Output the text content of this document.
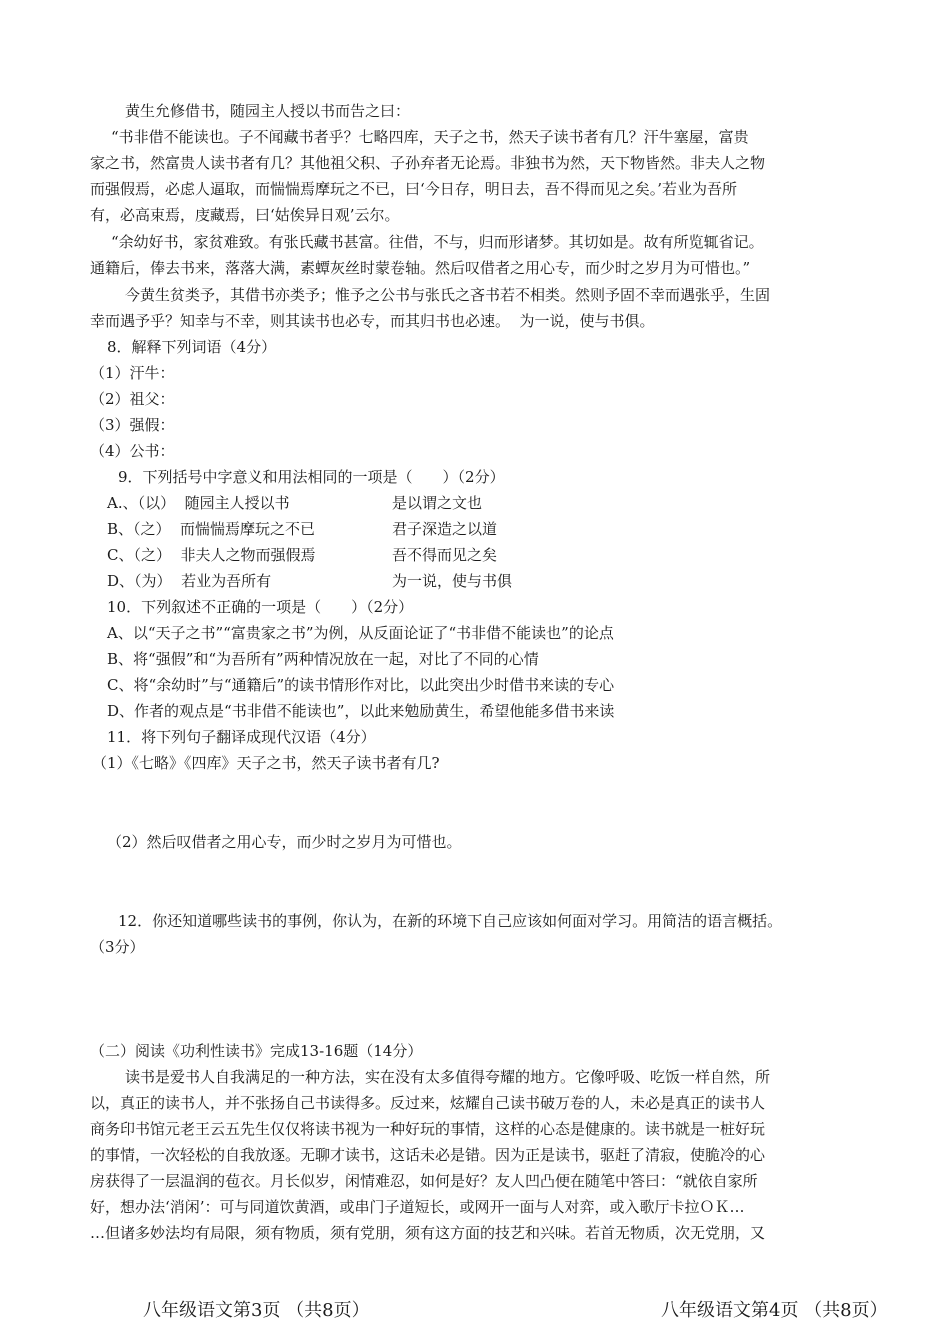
黄生允修借书，随园主人授以书而告之曰：
“书非借不能读也。子不闻藏书者乎？七略四库，天子之书，然天子读书者有几？汗牛塞屋，富贵
家之书，然富贵人读书者有几？其他祖父积、子孙弃者无论焉。非独书为然，天下物皆然。非夫人之物
而强假焉，必虑人逼取，而惴惴焉摩玩之不已，曰‘今日存，明日去，吾不得而见之矣。’若业为吾所
有，必高束焉，庋藏焉，曰‘姑俟异日观’云尔。
“余幼好书，家贫难致。有张氏藏书甚富。往借，不与，归而形诸梦。其切如是。故有所览辄省记。
通籍后，俸去书来，落落大满，素蟫灰丝时蒙卷轴。然后叹借者之用心专，而少时之岁月为可惜也。”
今黄生贫类予，其借书亦类予；惟予之公书与张氏之吝书若不相类。然则予固不幸而遇张乎，生固
幸而遇予乎？知幸与不幸，则其读书也必专，而其归书也必速。  为一说，使与书俱。
8．解释下列词语（4分）
（1）汗牛：
（2）祖父：
（3）强假：
（4）公书：
9．下列括号中字意义和用法相同的一项是（　　）（2分）
A.、（以）  随园主人授以书	是以谓之文也
B、（之）  而惴惴焉摩玩之不已	君子深造之以道
C、（之）  非夫人之物而强假焉	吾不得而见之矣
D、（为）  若业为吾所有	为一说，使与书俱
10．下列叙述不正确的一项是（　　）（2分）
A、以“天子之书”“富贵家之书”为例，从反面论证了“书非借不能读也”的论点
B、将“强假”和“为吾所有”两种情况放在一起，对比了不同的心情
C、将“余幼时”与“通籍后”的读书情形作对比，以此突出少时借书来读的专心
D、作者的观点是“书非借不能读也”，以此来勉励黄生，希望他能多借书来读
11．将下列句子翻译成现代汉语（4分）
（1）《七略》《四库》天子之书，然天子读书者有几?
（2）然后叹借者之用心专，而少时之岁月为可惜也。
12．你还知道哪些读书的事例，你认为，在新的环境下自己应该如何面对学习。用简洁的语言概括。
（3分）
（二）阅读《功利性读书》完成13-16题（14分）
读书是爱书人自我满足的一种方法，实在没有太多值得夸耀的地方。它像呼吸、吃饭一样自然，所
以，真正的读书人，并不张扬自己书读得多。反过来，炫耀自己读书破万卷的人，未必是真正的读书人
商务印书馆元老王云五先生仅仅将读书视为一种好玩的事情，这样的心态是健康的。读书就是一桩好玩
的事情，一次轻松的自我放逐。无聊才读书，这话未必是错。因为正是读书，驱赶了清寂，使脆冷的心
房获得了一层温润的苞衣。月长似岁，闲情难忍，如何是好？友人凹凸便在随笔中答曰：“就依自家所
好，想办法‘消闲’：可与同道饮黄酒，或串门子道短长，或网开一面与人对弈，或入歌厅卡拉ＯＫ…
…但诸多妙法均有局限，须有物质，须有党朋，须有这方面的技艺和兴味。若首无物质，次无党朋，又
八年级语文第3页 （共8页）	八年级语文第4页 （共8页）
